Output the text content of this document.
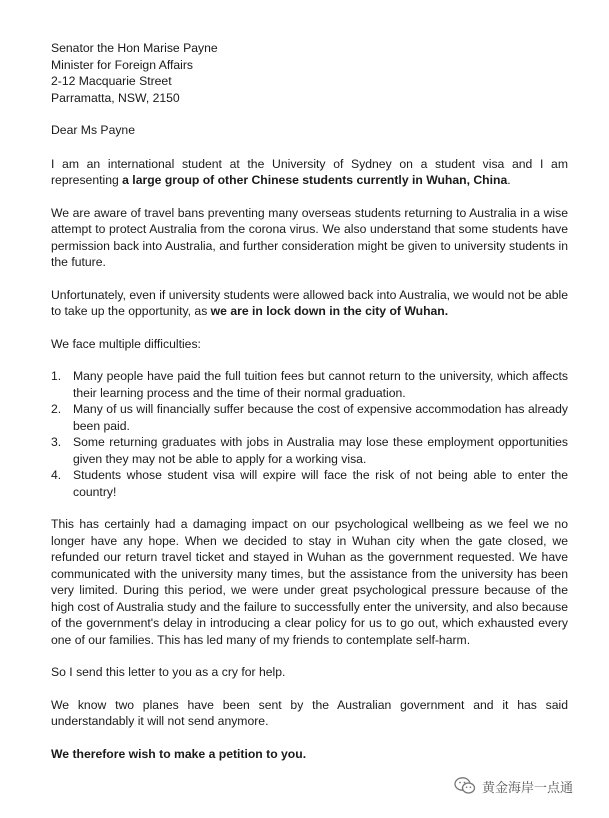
Senator the Hon Marise Payne
Minister for Foreign Affairs
2-12 Macquarie Street
Parramatta, NSW, 2150

Dear Ms Payne

I am an international student at the University of Sydney on a student visa and I am representing a large group of other Chinese students currently in Wuhan, China.

We are aware of travel bans preventing many overseas students returning to Australia in a wise attempt to protect Australia from the corona virus. We also understand that some students have permission back into Australia, and further consideration might be given to university students in the future.

Unfortunately, even if university students were allowed back into Australia, we would not be able to take up the opportunity, as we are in lock down in the city of Wuhan.

We face multiple difficulties:

1. Many people have paid the full tuition fees but cannot return to the university, which affects their learning process and the time of their normal graduation.
2. Many of us will financially suffer because the cost of expensive accommodation has already been paid.
3. Some returning graduates with jobs in Australia may lose these employment opportunities given they may not be able to apply for a working visa.
4. Students whose student visa will expire will face the risk of not being able to enter the country!

This has certainly had a damaging impact on our psychological wellbeing as we feel we no longer have any hope. When we decided to stay in Wuhan city when the gate closed, we refunded our return travel ticket and stayed in Wuhan as the government requested. We have communicated with the university many times, but the assistance from the university has been very limited. During this period, we were under great psychological pressure because of the high cost of Australia study and the failure to successfully enter the university, and also because of the government's delay in introducing a clear policy for us to go out, which exhausted every one of our families. This has led many of my friends to contemplate self-harm.

So I send this letter to you as a cry for help.

We know two planes have been sent by the Australian government and it has said understandably it will not send anymore.

We therefore wish to make a petition to you.

黄金海岸一点通
